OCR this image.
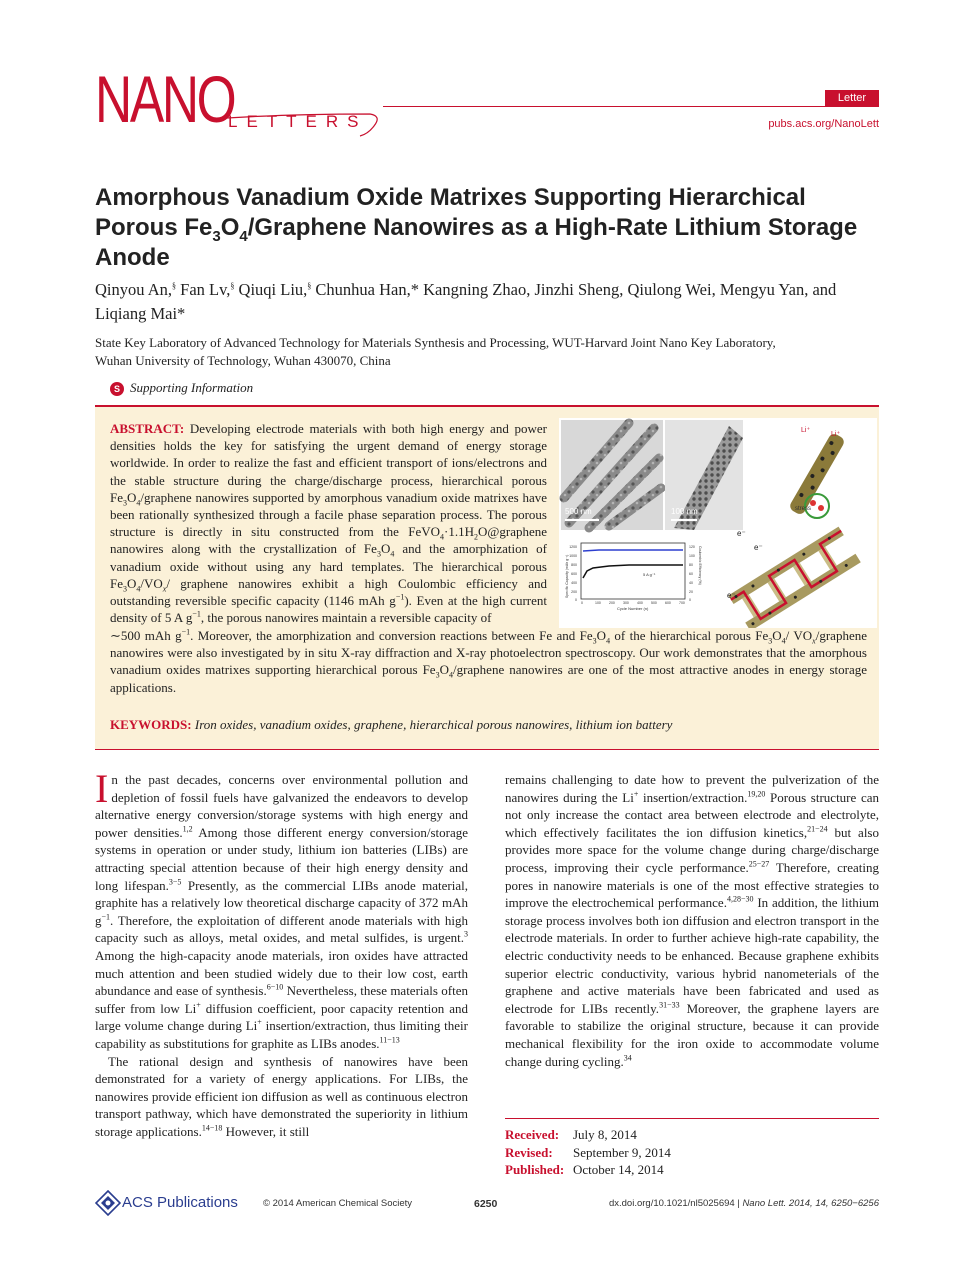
NANO
LETTERS
Letter
pubs.acs.org/NanoLett
Amorphous Vanadium Oxide Matrixes Supporting Hierarchical
Porous $Fe_3O_4$/Graphene Nanowires as a High-Rate Lithium Storage
Anode
Qinyou An,§ Fan Lv,§ Qiuqi Liu,§ Chunhua Han,* Kangning Zhao, Jinzhi Sheng, Qiulong Wei, Mengyu Yan, and Liqiang Mai*
State Key Laboratory of Advanced Technology for Materials Synthesis and Processing, WUT-Harvard Joint Nano Key Laboratory,
Wuhan University of Technology, Wuhan 430070, China
S Supporting Information
ABSTRACT: Developing electrode materials with both high energy and power densities holds the key for satisfying the urgent demand of energy storage worldwide. In order to realize the fast and efficient transport of ions/electrons and the stable structure during the charge/discharge process, hierarchical porous $Fe_3O_4$/graphene nanowires supported by amorphous vanadium oxide matrixes have been rationally synthesized through a facile phase separation process. The porous structure is directly in situ constructed from the $FeVO_4\cdot 1.1H_2O@graphene$ nanowires along with the crystallization of $Fe_3O_4$ and the amorphization of vanadium oxide without using any hard templates. The hierarchical porous $Fe_3O_4/VO_x/$ graphene nanowires exhibit a high Coulombic efficiency and outstanding reversible specific capacity (1146 mAh $g^{-1}$). Even at the high current density of 5 A $g^{-1}$, the porous nanowires maintain a reversible capacity of
∼500 mAh $g^{-1}$. Moreover, the amorphization and conversion reactions between Fe and $Fe_3O_4$ of the hierarchical porous $Fe_3O_4/$ $VO_x$/graphene nanowires were also investigated by in situ X-ray diffraction and X-ray photoelectron spectroscopy. Our work demonstrates that the amorphous vanadium oxides matrixes supporting hierarchical porous $Fe_3O_4$/graphene nanowires are one of the most attractive anodes in energy storage applications.
KEYWORDS: Iron oxides, vanadium oxides, graphene, hierarchical porous nanowires, lithium ion battery
500 nm	100 nm
Li⁺
Li⁺
stress
5 A g⁻¹
1200
1000
800
600
400
200
0
120
100
80
60
40
20
0
0	100 200 300 400 500 600 700
Cycle Number (n)
Specific Capacity (mAh g⁻¹)	Coulombic Efficiency (%)	e⁻
e⁻
e⁻

In the past decades, concerns over environmental pollution and depletion of fossil fuels have galvanized the endeavors to develop alternative energy conversion/storage systems with high energy and power densities.$^{1,2}$ Among those different energy conversion/storage systems in operation or under study, lithium ion batteries (LIBs) are attracting special attention because of their high energy density and long lifespan.$^{3-5}$ Presently, as the commercial LIBs anode material, graphite has a relatively low theoretical discharge capacity of 372 mAh $g^{-1}$. Therefore, the exploitation of different anode materials with high capacity such as alloys, metal oxides, and metal sulfides, is urgent.$^3$ Among the high-capacity anode materials, iron oxides have attracted much attention and been studied widely due to their low cost, earth abundance and ease of synthesis.$^{6-10}$ Nevertheless, these materials often suffer from low Li+ diffusion coefficient, poor capacity retention and large volume change during Li+ insertion/extraction, thus limiting their capability as substitutions for graphite as LIBs anodes.$^{11-13}$

The rational design and synthesis of nanowires have been demonstrated for a variety of energy applications. For LIBs, the nanowires provide efficient ion diffusion as well as continuous electron transport pathway, which have demonstrated the superiority in lithium storage applications.$^{14-18}$ However, it still

remains challenging to date how to prevent the pulverization of the nanowires during the Li+ insertion/extraction.$^{19,20}$ Porous structure can not only increase the contact area between electrode and electrolyte, which effectively facilitates the ion diffusion kinetics,$^{21-24}$ but also provides more space for the volume change during charge/discharge process, improving their cycle performance.$^{25-27}$ Therefore, creating pores in nanowire materials is one of the most effective strategies to improve the electrochemical performance.$^{4,28-30}$ In addition, the lithium storage process involves both ion diffusion and electron transport in the electrode materials. In order to further achieve high-rate capability, the electric conductivity needs to be enhanced. Because graphene exhibits superior electric conductivity, various hybrid nanometerials of the graphene and active materials have been fabricated and used as electrode for LIBs recently.$^{31-33}$ Moreover, the graphene layers are favorable to stabilize the original structure, because it can provide mechanical flexibility for the iron oxide to accommodate volume change during cycling.$^{34}$

Received: July 8, 2014
Revised: September 9, 2014
Published: October 14, 2014
ACS Publications	© 2014 American Chemical Society	6250	dx.doi.org/10.1021/nl5025694 | Nano Lett. 2014, 14, 6250−6256
